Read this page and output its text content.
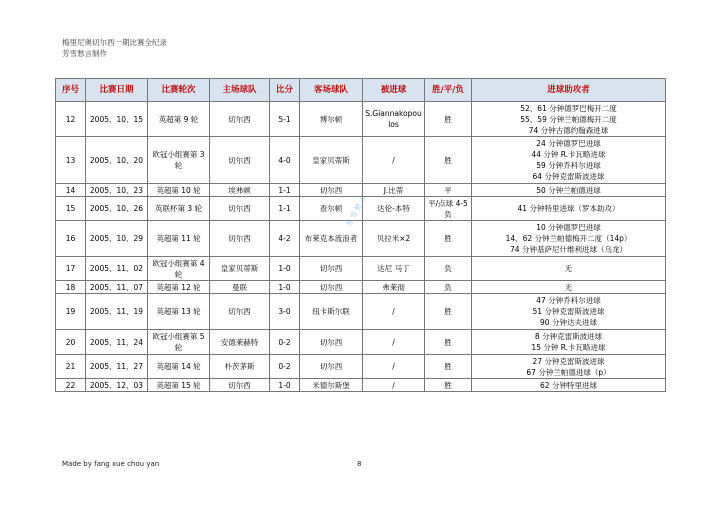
梅里尼奥切尔西一期比赛全纪录
芳雪愁言制作
序号	比赛日期	比赛轮次	主场球队	比分	客场球队	被进球	胜/平/负	进球助攻者
12	2005、10、15	英超第 9 轮	切尔西	5-1	博尔顿	S.Giannakopoulos	胜	52、61 分钟德罗巴梅开二度
55、59 分钟兰帕德梅开二度
74 分钟古德约翰森进球

13	2005、10、20	欧冠小组赛第 3 轮	切尔西	4-0	皇家贝蒂斯	/	胜	24 分钟德罗巴进球
44 分钟 R.卡瓦略进球
59 分钟乔科尔进球
64 分钟克雷斯波进球

14	2005、10、23	英超第 10 轮	埃弗顿	1-1	切尔西	J.比蒂	平	50 分钟兰帕德进球

15	2005、10、26	英联杯第 3 轮	切尔西	1-1	查尔顿	达伦-本特	平/点球 4-5 负	41 分钟特里进球（罗本助攻）

16	2005、10、29	英超第 11 轮	切尔西	4-2	布莱克本流浪者	贝拉米×2	胜	10 分钟德罗巴进球
14、62 分钟兰帕德梅开二度（14p）
74 分钟基萨尼什维利进球（乌龙）

17	2005、11、02	欧冠小组赛第 4 轮	皇家贝蒂斯	1-0	切尔西	达尼 马丁	负	无

18	2005、11、07	英超第 12 轮	曼联	1-0	切尔西	弗莱彻	负	无

19	2005、11、19	英超第 13 轮	切尔西	3-0	纽卡斯尔联	/	胜	47 分钟乔科尔进球
51 分钟克雷斯波进球
90 分钟达夫进球

20	2005、11、24	欧冠小组赛第 5 轮	安德莱赫特	0-2	切尔西	/	胜	8 分钟克雷斯波进球
15 分钟 R.卡瓦略进球

21	2005、11、27	英超第 14 轮	朴茨茅斯	0-2	切尔西	/	胜	27 分钟克雷斯波进球
67 分钟兰帕德进球（p）

22	2005、12、03	英超第 15 轮	切尔西	1-0	米德尔斯堡	/	胜	62 分钟特里进球
芳雪愁言
Made by fang xue chou yan	8
